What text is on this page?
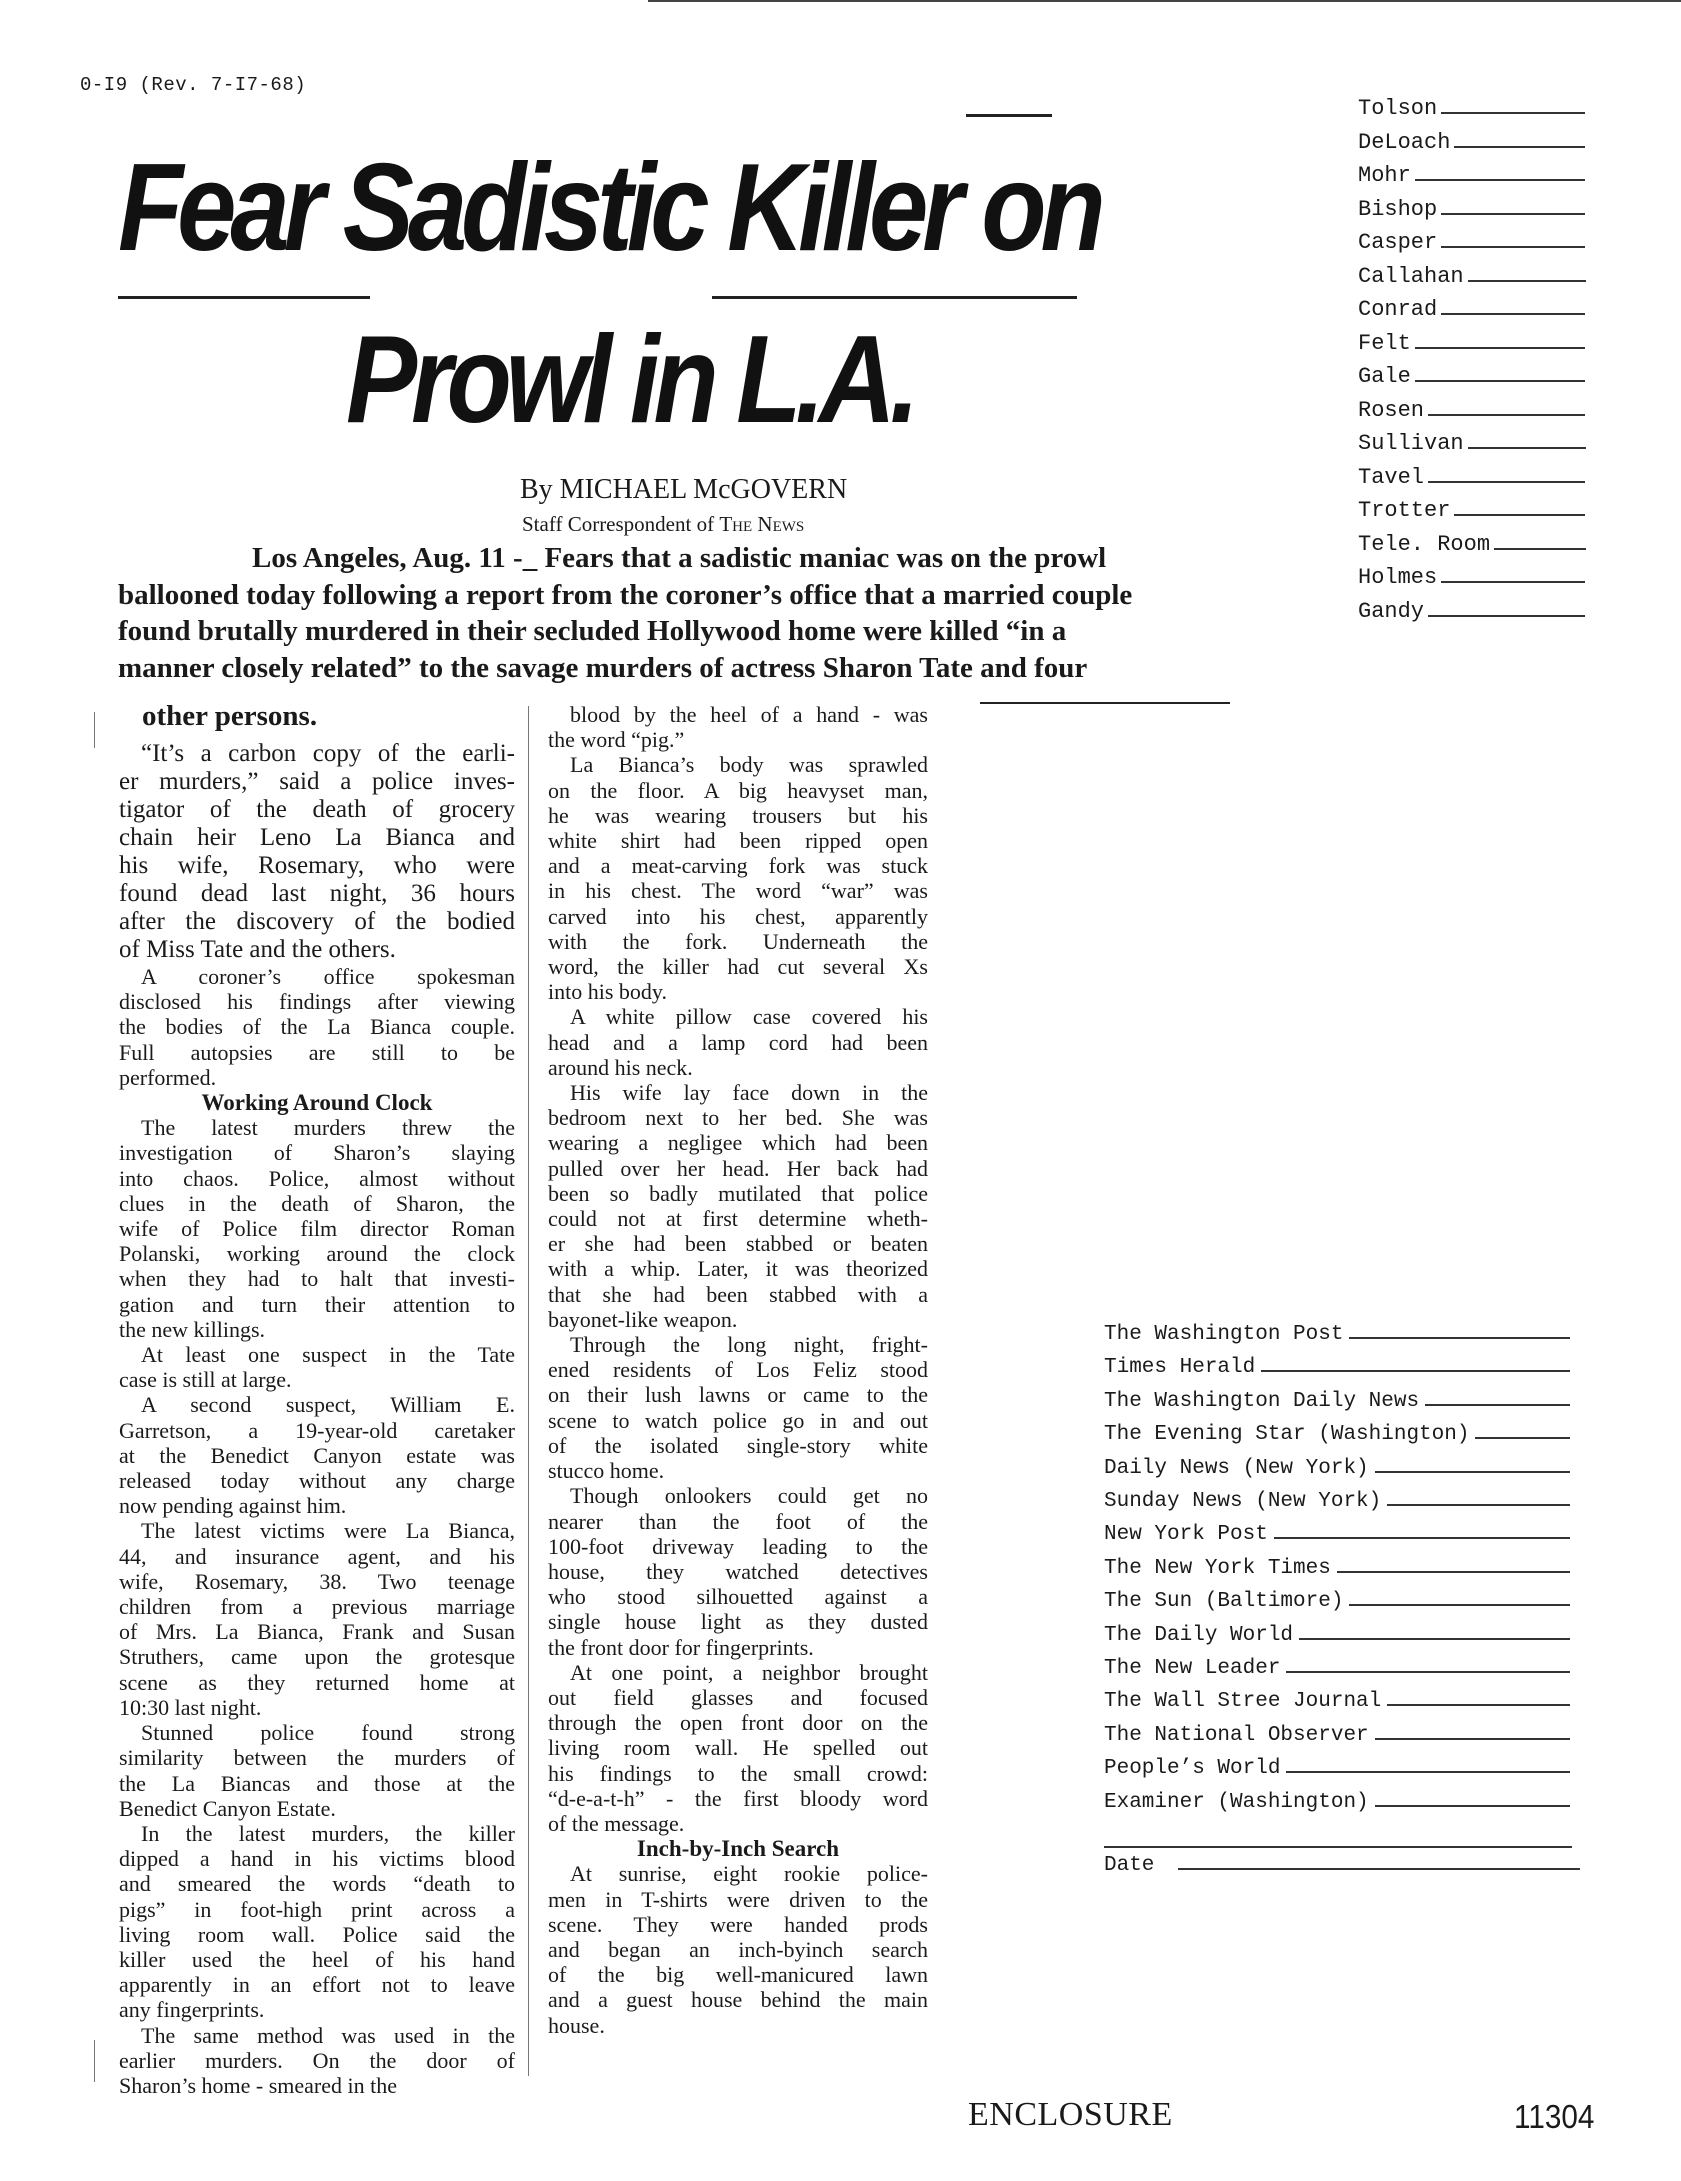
0-I9 (Rev. 7-I7-68)
Fear Sadistic Killer on
Prowl in L.A.
By MICHAEL McGOVERN
Staff Correspondent of The News
Los Angeles, Aug. 11 -_ Fears that a sadistic maniac was on the prowl
ballooned today following a report from the coroner’s office that a married couple
found brutally murdered in their secluded Hollywood home were killed “in a
manner closely related” to the savage murders of actress Sharon Tate and four
other persons.
“It’s a carbon copy of the earli-
er murders,” said a police inves-
tigator of the death of grocery
chain heir Leno La Bianca and
his wife, Rosemary, who were
found dead last night, 36 hours
after the discovery of the bodied
of Miss Tate and the others.
A coroner’s office spokesman
disclosed his findings after viewing
the bodies of the La Bianca couple.
Full autopsies are still to be
performed.
Working Around Clock
The latest murders threw the
investigation of Sharon’s slaying
into chaos. Police, almost without
clues in the death of Sharon, the
wife of Police film director Roman
Polanski, working around the clock
when they had to halt that investi-
gation and turn their attention to
the new killings.
At least one suspect in the Tate
case is still at large.
A second suspect, William E.
Garretson, a 19-year-old caretaker
at the Benedict Canyon estate was
released today without any charge
now pending against him.
The latest victims were La Bianca,
44, and insurance agent, and his
wife, Rosemary, 38. Two teenage
children from a previous marriage
of Mrs. La Bianca, Frank and Susan
Struthers, came upon the grotesque
scene as they returned home at
10:30 last night.
Stunned police found strong
similarity between the murders of
the La Biancas and those at the
Benedict Canyon Estate.
In the latest murders, the killer
dipped a hand in his victims blood
and smeared the words “death to
pigs” in foot-high print across a
living room wall. Police said the
killer used the heel of his hand
apparently in an effort not to leave
any fingerprints.
The same method was used in the
earlier murders. On the door of
Sharon’s home - smeared in the
blood by the heel of a hand - was
the word “pig.”
La Bianca’s body was sprawled
on the floor. A big heavyset man,
he was wearing trousers but his
white shirt had been ripped open
and a meat-carving fork was stuck
in his chest. The word “war” was
carved into his chest, apparently
with the fork. Underneath the
word, the killer had cut several Xs
into his body.
A white pillow case covered his
head and a lamp cord had been
around his neck.
His wife lay face down in the
bedroom next to her bed. She was
wearing a negligee which had been
pulled over her head. Her back had
been so badly mutilated that police
could not at first determine wheth-
er she had been stabbed or beaten
with a whip. Later, it was theorized
that she had been stabbed with a
bayonet-like weapon.
Through the long night, fright-
ened residents of Los Feliz stood
on their lush lawns or came to the
scene to watch police go in and out
of the isolated single-story white
stucco home.
Though onlookers could get no
nearer than the foot of the
100-foot driveway leading to the
house, they watched detectives
who stood silhouetted against a
single house light as they dusted
the front door for fingerprints.
At one point, a neighbor brought
out field glasses and focused
through the open front door on the
living room wall. He spelled out
his findings to the small crowd:
“d-e-a-t-h” - the first bloody word
of the message.
Inch-by-Inch Search
At sunrise, eight rookie police-
men in T-shirts were driven to the
scene. They were handed prods
and began an inch-byinch search
of the big well-manicured lawn
and a guest house behind the main
house.
Tolson
DeLoach
Mohr
Bishop
Casper
Callahan
Conrad
Felt
Gale
Rosen
Sullivan
Tavel
Trotter
Tele. Room
Holmes
Gandy
The Washington Post
Times Herald
The Washington Daily News
The Evening Star (Washington)
Daily News (New York)
Sunday News (New York)
New York Post
The New York Times
The Sun (Baltimore)
The Daily World
The New Leader
The Wall Stree Journal
The National Observer
People’s World
Examiner (Washington)
Date
ENCLOSURE	11304
